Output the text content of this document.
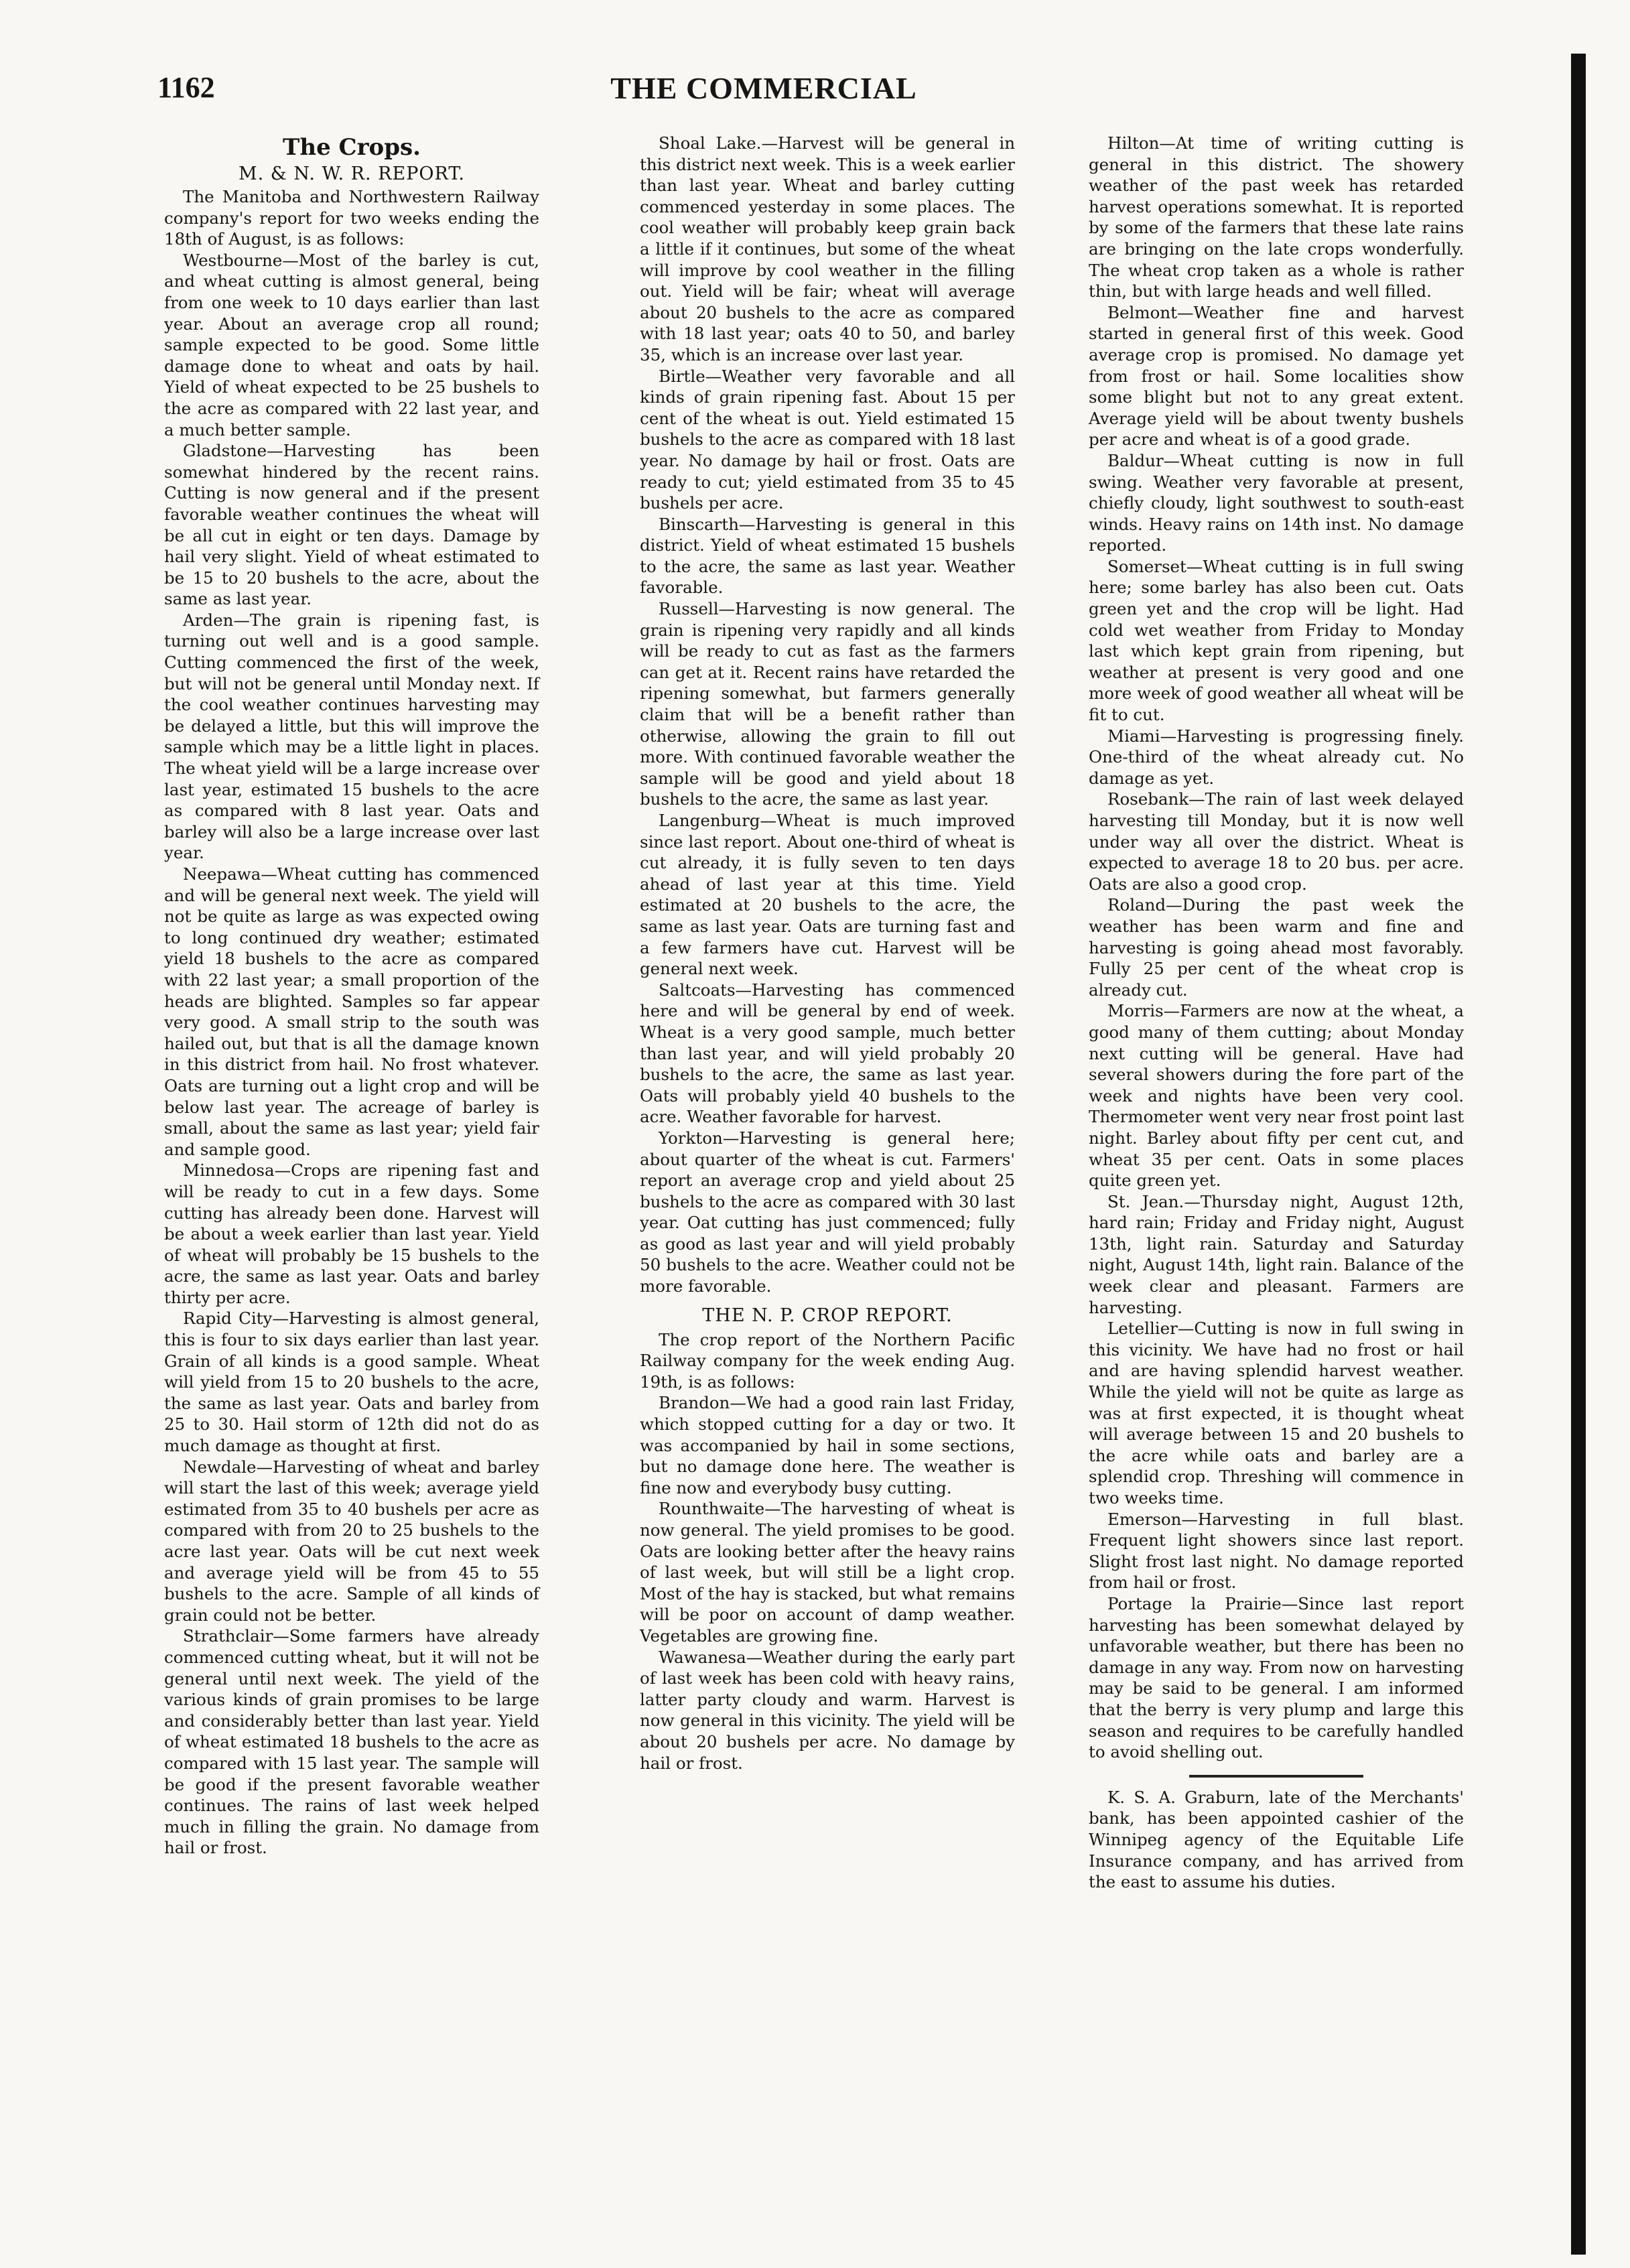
1162	THE COMMERCIAL
The Crops.
M. & N. W. R. REPORT.

The Manitoba and Northwestern Railway company's report for two weeks ending the 18th of August, is as follows:

Westbourne—Most of the barley is cut, and wheat cutting is almost general, being from one week to 10 days earlier than last year. About an average crop all round; sample expected to be good. Some little damage done to wheat and oats by hail. Yield of wheat expected to be 25 bushels to the acre as compared with 22 last year, and a much better sample.

Gladstone—Harvesting has been somewhat hindered by the recent rains. Cutting is now general and if the present favorable weather continues the wheat will be all cut in eight or ten days. Damage by hail very slight. Yield of wheat estimated to be 15 to 20 bushels to the acre, about the same as last year.

Arden—The grain is ripening fast, is turning out well and is a good sample. Cutting commenced the first of the week, but will not be general until Monday next. If the cool weather continues harvesting may be delayed a little, but this will improve the sample which may be a little light in places. The wheat yield will be a large increase over last year, estimated 15 bushels to the acre as compared with 8 last year. Oats and barley will also be a large increase over last year.

Neepawa—Wheat cutting has commenced and will be general next week. The yield will not be quite as large as was expected owing to long continued dry weather; estimated yield 18 bushels to the acre as compared with 22 last year; a small proportion of the heads are blighted. Samples so far appear very good. A small strip to the south was hailed out, but that is all the damage known in this district from hail. No frost whatever. Oats are turning out a light crop and will be below last year. The acreage of barley is small, about the same as last year; yield fair and sample good.

Minnedosa—Crops are ripening fast and will be ready to cut in a few days. Some cutting has already been done. Harvest will be about a week earlier than last year. Yield of wheat will probably be 15 bushels to the acre, the same as last year. Oats and barley thirty per acre.

Rapid City—Harvesting is almost general, this is four to six days earlier than last year. Grain of all kinds is a good sample. Wheat will yield from 15 to 20 bushels to the acre, the same as last year. Oats and barley from 25 to 30. Hail storm of 12th did not do as much damage as thought at first.

Newdale—Harvesting of wheat and barley will start the last of this week; average yield estimated from 35 to 40 bushels per acre as compared with from 20 to 25 bushels to the acre last year. Oats will be cut next week and average yield will be from 45 to 55 bushels to the acre. Sample of all kinds of grain could not be better.

Strathclair—Some farmers have already commenced cutting wheat, but it will not be general until next week. The yield of the various kinds of grain promises to be large and considerably better than last year. Yield of wheat estimated 18 bushels to the acre as compared with 15 last year. The sample will be good if the present favorable weather continues. The rains of last week helped much in filling the grain. No damage from hail or frost.

Shoal Lake.—Harvest will be general in this district next week. This is a week earlier than last year. Wheat and barley cutting commenced yesterday in some places. The cool weather will probably keep grain back a little if it continues, but some of the wheat will improve by cool weather in the filling out. Yield will be fair; wheat will average about 20 bushels to the acre as compared with 18 last year; oats 40 to 50, and barley 35, which is an increase over last year.

Birtle—Weather very favorable and all kinds of grain ripening fast. About 15 per cent of the wheat is out. Yield estimated 15 bushels to the acre as compared with 18 last year. No damage by hail or frost. Oats are ready to cut; yield estimated from 35 to 45 bushels per acre.

Binscarth—Harvesting is general in this district. Yield of wheat estimated 15 bushels to the acre, the same as last year. Weather favorable.

Russell—Harvesting is now general. The grain is ripening very rapidly and all kinds will be ready to cut as fast as the farmers can get at it. Recent rains have retarded the ripening somewhat, but farmers generally claim that will be a benefit rather than otherwise, allowing the grain to fill out more. With continued favorable weather the sample will be good and yield about 18 bushels to the acre, the same as last year.

Langenburg—Wheat is much improved since last report. About one-third of wheat is cut already, it is fully seven to ten days ahead of last year at this time. Yield estimated at 20 bushels to the acre, the same as last year. Oats are turning fast and a few farmers have cut. Harvest will be general next week.

Saltcoats—Harvesting has commenced here and will be general by end of week. Wheat is a very good sample, much better than last year, and will yield probably 20 bushels to the acre, the same as last year. Oats will probably yield 40 bushels to the acre. Weather favorable for harvest.

Yorkton—Harvesting is general here; about quarter of the wheat is cut. Farmers' report an average crop and yield about 25 bushels to the acre as compared with 30 last year. Oat cutting has just commenced; fully as good as last year and will yield probably 50 bushels to the acre. Weather could not be more favorable.

THE N. P. CROP REPORT.

The crop report of the Northern Pacific Railway company for the week ending Aug. 19th, is as follows:

Brandon—We had a good rain last Friday, which stopped cutting for a day or two. It was accompanied by hail in some sections, but no damage done here. The weather is fine now and everybody busy cutting.

Rounthwaite—The harvesting of wheat is now general. The yield promises to be good. Oats are looking better after the heavy rains of last week, but will still be a light crop. Most of the hay is stacked, but what remains will be poor on account of damp weather. Vegetables are growing fine.

Wawanesa—Weather during the early part of last week has been cold with heavy rains, latter party cloudy and warm. Harvest is now general in this vicinity. The yield will be about 20 bushels per acre. No damage by hail or frost.

Hilton—At time of writing cutting is general in this district. The showery weather of the past week has retarded harvest operations somewhat. It is reported by some of the farmers that these late rains are bringing on the late crops wonderfully. The wheat crop taken as a whole is rather thin, but with large heads and well filled.

Belmont—Weather fine and harvest started in general first of this week. Good average crop is promised. No damage yet from frost or hail. Some localities show some blight but not to any great extent. Average yield will be about twenty bushels per acre and wheat is of a good grade.

Baldur—Wheat cutting is now in full swing. Weather very favorable at present, chiefly cloudy, light southwest to south-east winds. Heavy rains on 14th inst. No damage reported.

Somerset—Wheat cutting is in full swing here; some barley has also been cut. Oats green yet and the crop will be light. Had cold wet weather from Friday to Monday last which kept grain from ripening, but weather at present is very good and one more week of good weather all wheat will be fit to cut.

Miami—Harvesting is progressing finely. One-third of the wheat already cut. No damage as yet.

Rosebank—The rain of last week delayed harvesting till Monday, but it is now well under way all over the district. Wheat is expected to average 18 to 20 bus. per acre. Oats are also a good crop.

Roland—During the past week the weather has been warm and fine and harvesting is going ahead most favorably. Fully 25 per cent of the wheat crop is already cut.

Morris—Farmers are now at the wheat, a good many of them cutting; about Monday next cutting will be general. Have had several showers during the fore part of the week and nights have been very cool. Thermometer went very near frost point last night. Barley about fifty per cent cut, and wheat 35 per cent. Oats in some places quite green yet.

St. Jean.—Thursday night, August 12th, hard rain; Friday and Friday night, August 13th, light rain. Saturday and Saturday night, August 14th, light rain. Balance of the week clear and pleasant. Farmers are harvesting.

Letellier—Cutting is now in full swing in this vicinity. We have had no frost or hail and are having splendid harvest weather. While the yield will not be quite as large as was at first expected, it is thought wheat will average between 15 and 20 bushels to the acre while oats and barley are a splendid crop. Threshing will commence in two weeks time.

Emerson—Harvesting in full blast. Frequent light showers since last report. Slight frost last night. No damage reported from hail or frost.

Portage la Prairie—Since last report harvesting has been somewhat delayed by unfavorable weather, but there has been no damage in any way. From now on harvesting may be said to be general. I am informed that the berry is very plump and large this season and requires to be carefully handled to avoid shelling out.

K. S. A. Graburn, late of the Merchants' bank, has been appointed cashier of the Winnipeg agency of the Equitable Life Insurance company, and has arrived from the east to assume his duties.
